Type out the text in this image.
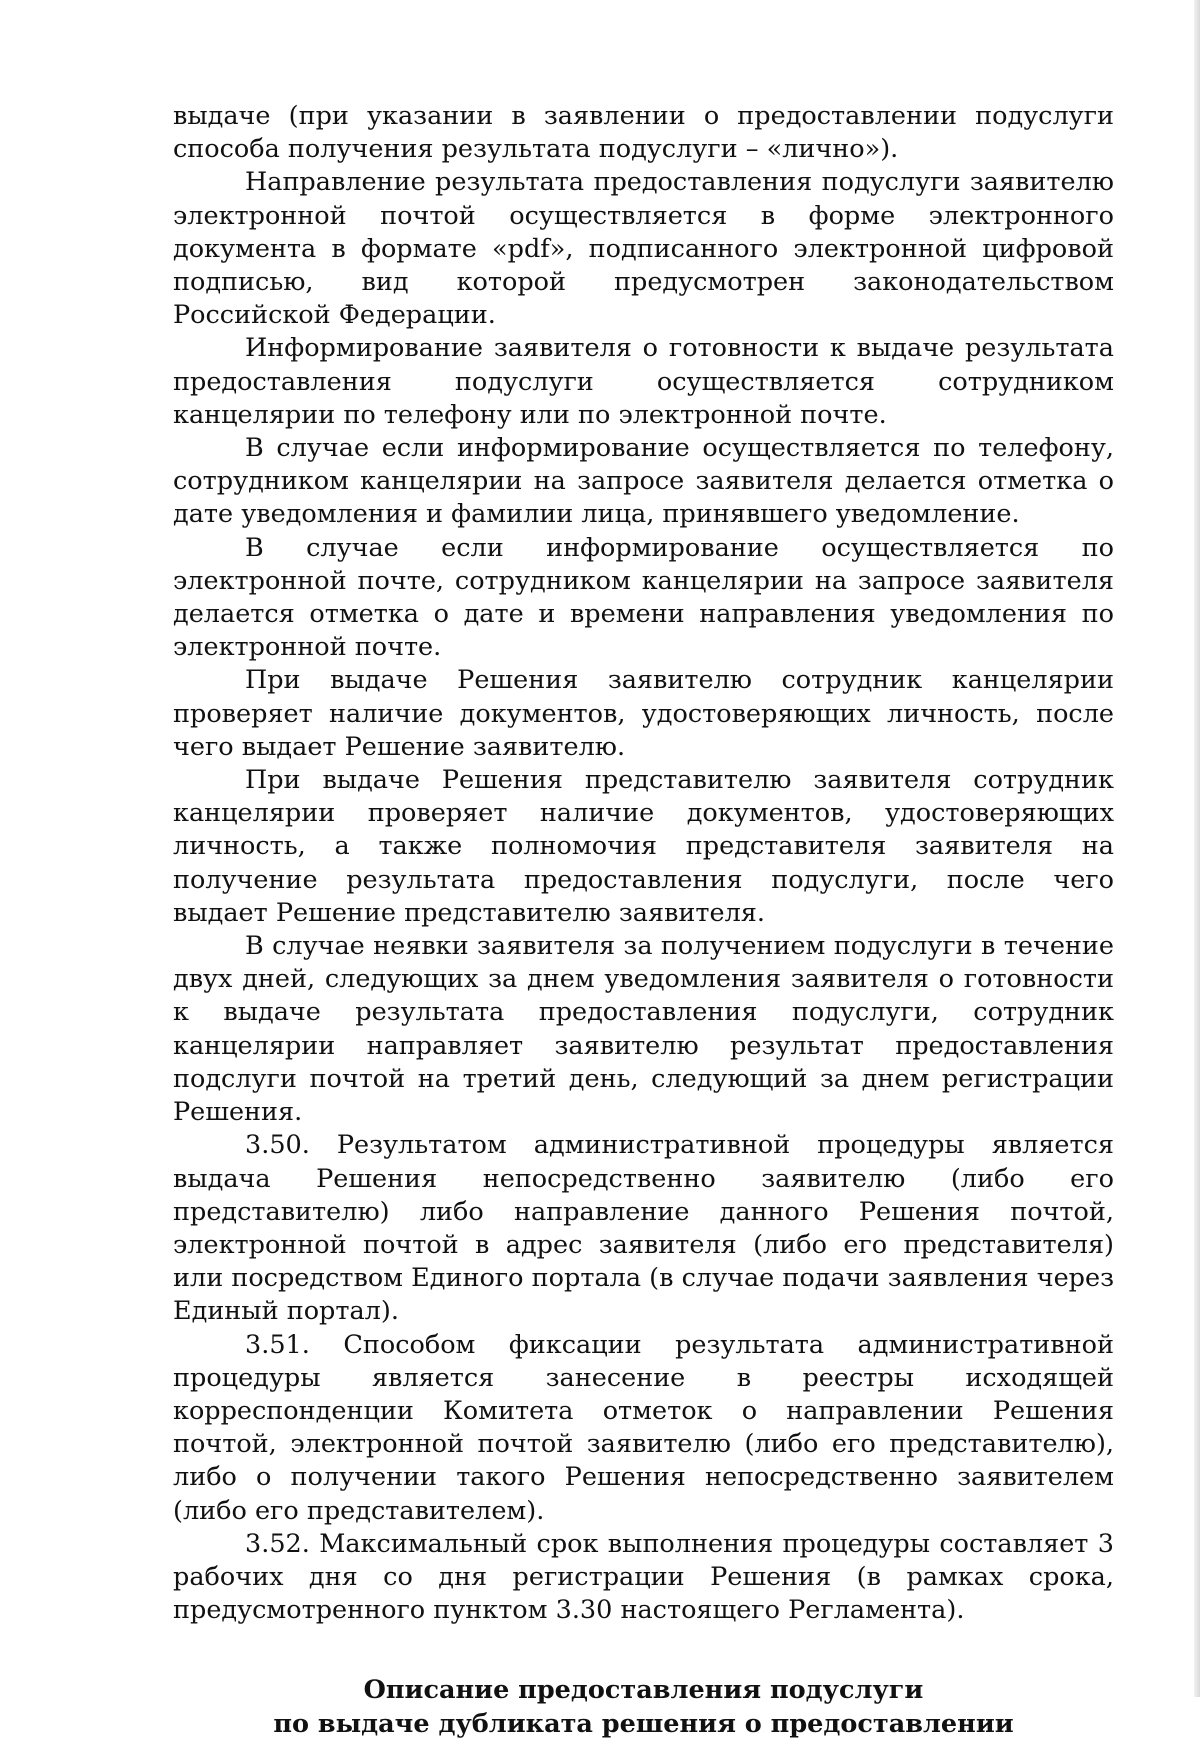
выдаче (при указании в заявлении о предоставлении подуслуги способа получения результата подуслуги – «лично»).

Направление результата предоставления подуслуги заявителю электронной почтой осуществляется в форме электронного документа в формате «pdf», подписанного электронной цифровой подписью, вид которой предусмотрен законодательством Российской Федерации.

Информирование заявителя о готовности к выдаче результата предоставления подуслуги осуществляется сотрудником канцелярии по телефону или по электронной почте.

В случае если информирование осуществляется по телефону, сотрудником канцелярии на запросе заявителя делается отметка о дате уведомления и фамилии лица, принявшего уведомление.

В случае если информирование осуществляется по электронной почте, сотрудником канцелярии на запросе заявителя делается отметка о дате и времени направления уведомления по электронной почте.

При выдаче Решения заявителю сотрудник канцелярии проверяет наличие документов, удостоверяющих личность, после чего выдает Решение заявителю.

При выдаче Решения представителю заявителя сотрудник канцелярии проверяет наличие документов, удостоверяющих личность, а также полномочия представителя заявителя на получение результата предоставления подуслуги, после чего выдает Решение представителю заявителя.

В случае неявки заявителя за получением подуслуги в течение двух дней, следующих за днем уведомления заявителя о готовности к выдаче результата предоставления подуслуги, сотрудник канцелярии направляет заявителю результат предоставления подслуги почтой на третий день, следующий за днем регистрации Решения.

3.50. Результатом административной процедуры является выдача Решения непосредственно заявителю (либо его представителю) либо направление данного Решения почтой, электронной почтой в адрес заявителя (либо его представителя) или посредством Единого портала (в случае подачи заявления через Единый портал).

3.51. Способом фиксации результата административной процедуры является занесение в реестры исходящей корреспонденции Комитета отметок о направлении Решения почтой, электронной почтой заявителю (либо его представителю), либо о получении такого Решения непосредственно заявителем (либо его представителем).

3.52. Максимальный срок выполнения процедуры составляет 3 рабочих дня со дня регистрации Решения (в рамках срока, предусмотренного пунктом 3.30 настоящего Регламента).

Описание предоставления подуслуги

по выдаче дубликата решения о предоставлении
